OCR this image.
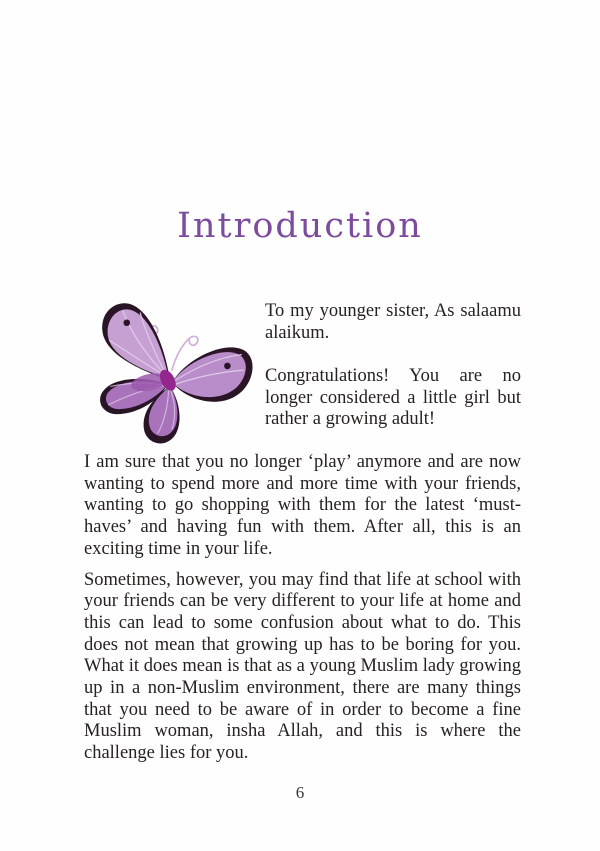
Introduction

To my younger sister, As salaamu alaikum.

Congratulations! You are no longer considered a little girl but rather a growing adult!

I am sure that you no longer ‘play’ anymore and are now wanting to spend more and more time with your friends, wanting to go shopping with them for the latest ‘must-haves’ and having fun with them. After all, this is an exciting time in your life.

Sometimes, however, you may find that life at school with your friends can be very different to your life at home and this can lead to some confusion about what to do. This does not mean that growing up has to be boring for you. What it does mean is that as a young Muslim lady growing up in a non-Muslim environment, there are many things that you need to be aware of in order to become a fine Muslim woman, insha Allah, and this is where the challenge lies for you.

6
